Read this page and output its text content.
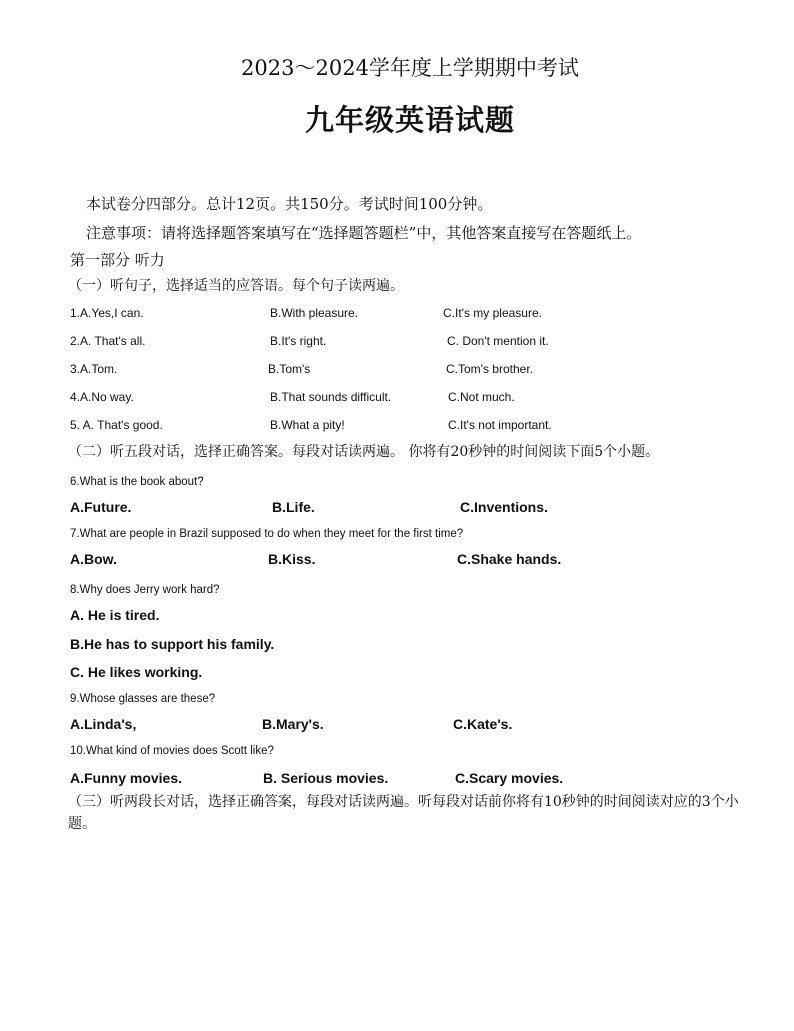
2023～2024学年度上学期期中考试
九年级英语试题
本试卷分四部分。总计12页。共150分。考试时间100分钟。
注意事项：请将选择题答案填写在“选择题答题栏”中，其他答案直接写在答题纸上。
第一部分 听力
（一）听句子，选择适当的应答语。每个句子读两遍。
1.A.Yes,I can.	B.With pleasure.	C.It's my pleasure.
2.A. That's all.	B.It's right.	C. Don't mention it.
3.A.Tom.	B.Tom's	C.Tom's brother.
4.A.No way.	B.That sounds difficult.	C.Not much.
5. A. That's good.	B.What a pity!	C.It's not important.
（二）听五段对话，选择正确答案。每段对话读两遍。 你将有20秒钟的时间阅读下面5个小题。
6.What is the book about?
A.Future.	B.Life.	C.Inventions.
7.What are people in Brazil supposed to do when they meet for the first time?
A.Bow.	B.Kiss.	C.Shake hands.
8.Why does Jerry work hard?
A. He is tired.
B.He has to support his family.
C. He likes working.
9.Whose glasses are these?
A.Linda's,	B.Mary's.	C.Kate's.
10.What kind of movies does Scott like?
A.Funny movies.	B. Serious movies.	C.Scary movies.
（三）听两段长对话，选择正确答案，每段对话读两遍。听每段对话前你将有10秒钟的时间阅读对应的3个小题。
